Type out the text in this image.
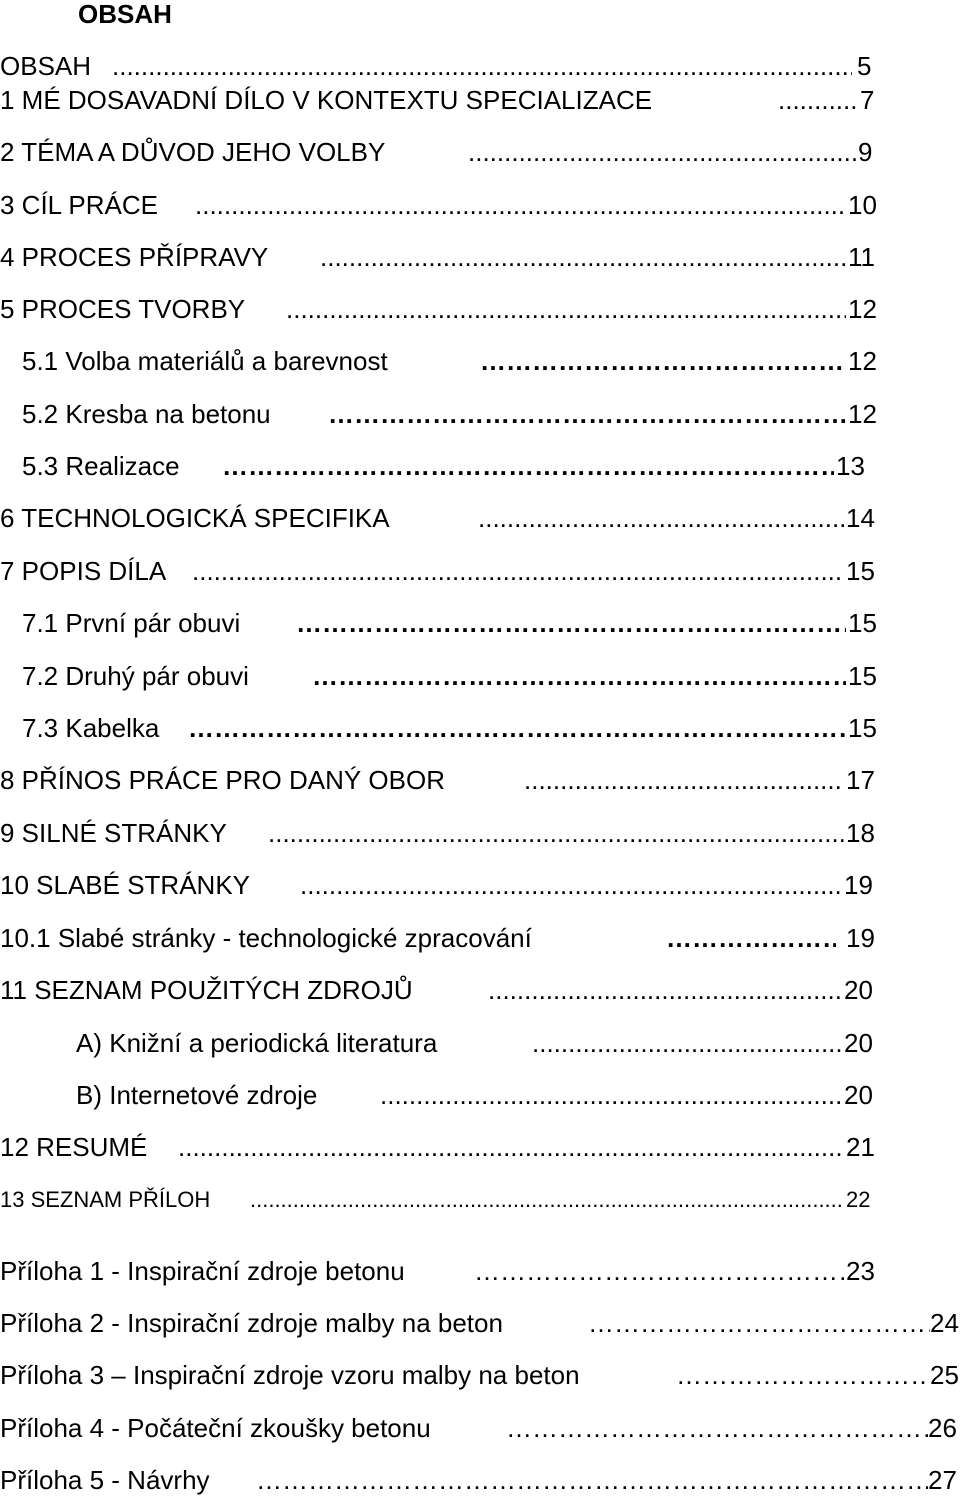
OBSAH
OBSAH .....	5
1 MÉ DOSAVADNÍ DÍLO V KONTEXTU SPECIALIZACE .....	7
2 TÉMA A DŮVOD JEHO VOLBY .....	9
3 CÍL PRÁCE .....	10
4 PROCES PŘÍPRAVY .....	11
5 PROCES TVORBY .....	12
5.1 Volba materiálů a barevnost …………………………………………………………………………………………………………………………………………………………	12
5.2 Kresba na betonu …………………………………………………………………………………………………………………………………………………………	12
5.3 Realizace …………………………………………………………………………………………………………………………………………………………	13
6 TECHNOLOGICKÁ SPECIFIKA .....	14
7 POPIS DÍLA .....	15
7.1 První pár obuvi …………………………………………………………………………………………………………………………………………………………	15
7.2 Druhý pár obuvi …………………………………………………………………………………………………………………………………………………………	15
7.3 Kabelka …………………………………………………………………………………………………………………………………………………………	15
8 PŘÍNOS PRÁCE PRO DANÝ OBOR .....	17
9 SILNÉ STRÁNKY .....	18
10 SLABÉ STRÁNKY .....	19
10.1 Slabé stránky - technologické zpracování …………………………………………………………………………………………………………………………………………………………	19
11 SEZNAM POUŽITÝCH ZDROJŮ .....	20
A) Knižní a periodická literatura .....	20
B) Internetové zdroje .....	20
12 RESUMÉ .....	21
13 SEZNAM PŘÍLOH .....	22
Příloha 1 - Inspirační zdroje betonu …………………………………………………………………………………………………………………………………………………………	23
Příloha 2 - Inspirační zdroje malby na beton …………………………………………………………………………………………………………………………………………………………	24
Příloha 3 – Inspirační zdroje vzoru malby na beton …………………………………………………………………………………………………………………………………………………………	25
Příloha 4 - Počáteční zkoušky betonu …………………………………………………………………………………………………………………………………………………………	26
Příloha 5 - Návrhy …………………………………………………………………………………………………………………………………………………………	27
